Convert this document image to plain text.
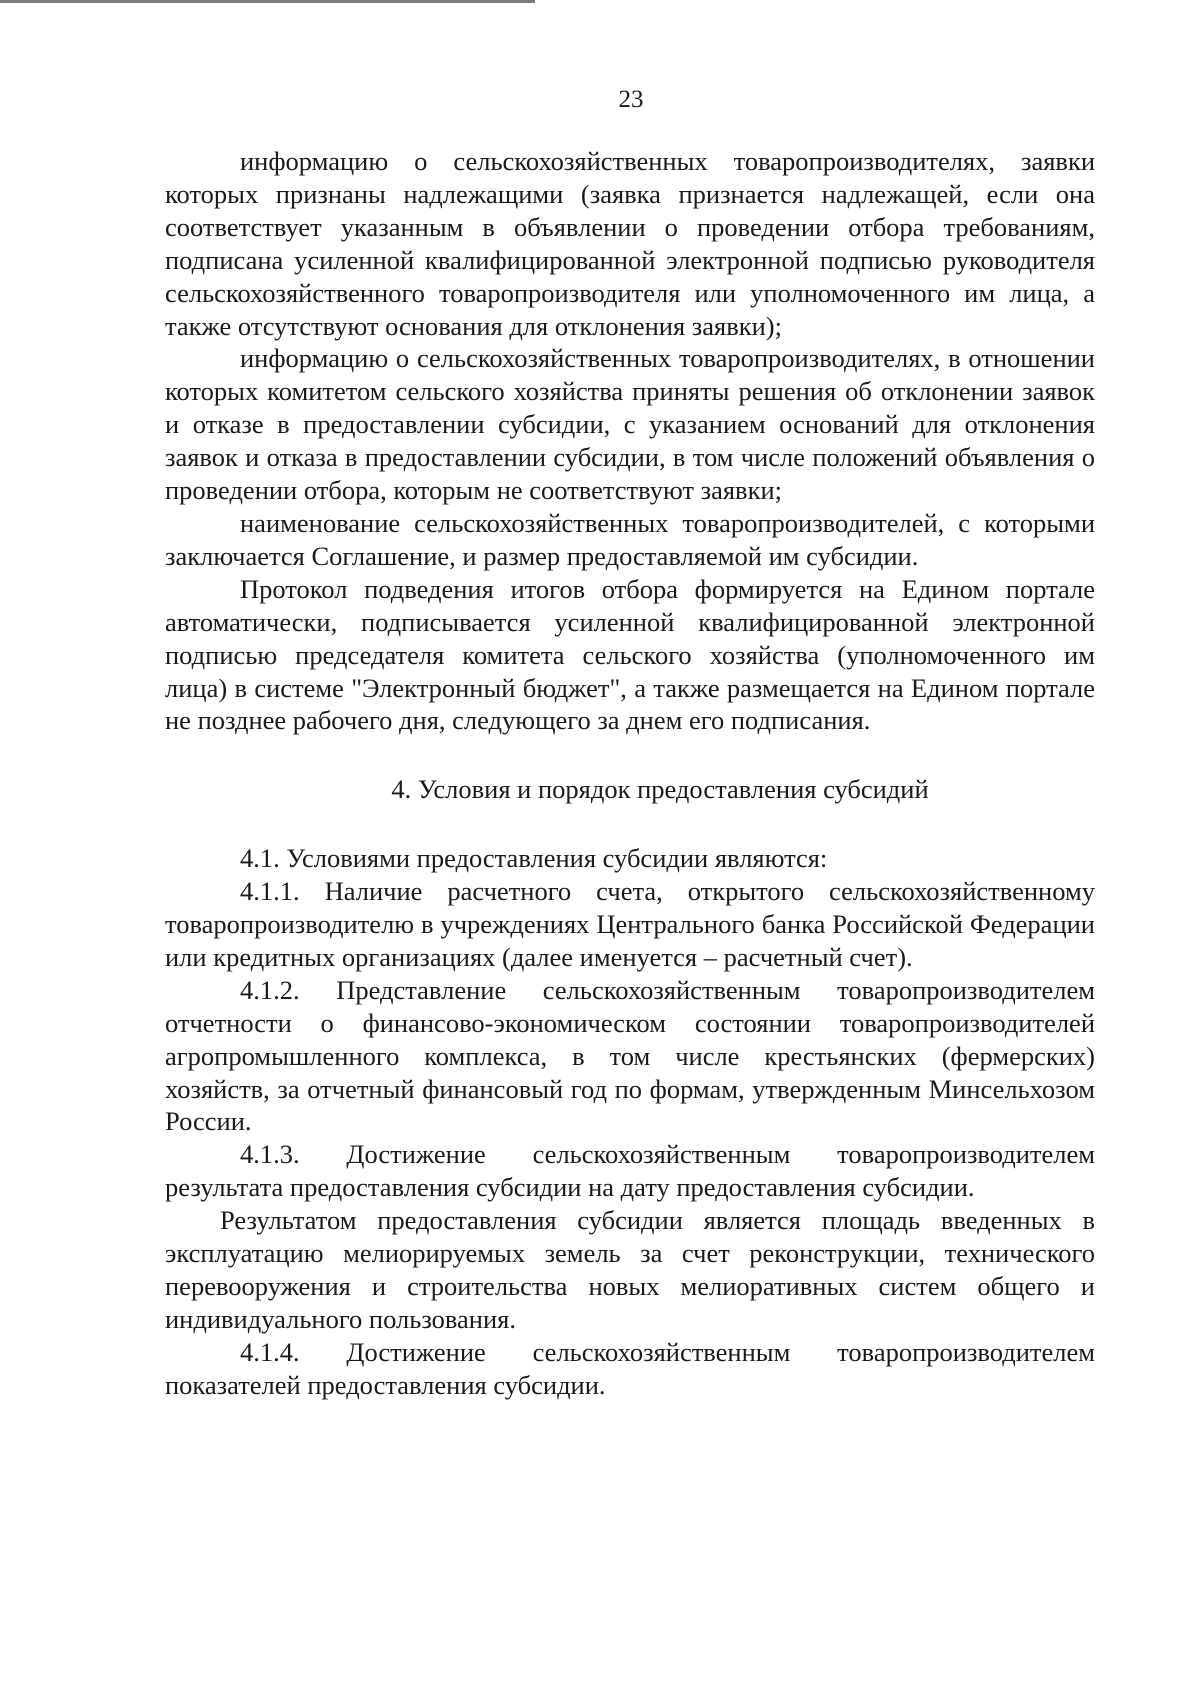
23

информацию о сельскохозяйственных товаропроизводителях, заявки которых признаны надлежащими (заявка признается надлежащей, если она соответствует указанным в объявлении о проведении отбора требованиям, подписана усиленной квалифицированной электронной подписью руководителя сельскохозяйственного товаропроизводителя или уполномоченного им лица, а также отсутствуют основания для отклонения заявки);

информацию о сельскохозяйственных товаропроизводителях, в отношении которых комитетом сельского хозяйства приняты решения об отклонении заявок и отказе в предоставлении субсидии, с указанием оснований для отклонения заявок и отказа в предоставлении субсидии, в том числе положений объявления о проведении отбора, которым не соответствуют заявки;

наименование сельскохозяйственных товаропроизводителей, с которыми заключается Соглашение, и размер предоставляемой им субсидии.

Протокол подведения итогов отбора формируется на Едином портале автоматически, подписывается усиленной квалифицированной электронной подписью председателя комитета сельского хозяйства (уполномоченного им лица) в системе "Электронный бюджет", а также размещается на Едином портале не позднее рабочего дня, следующего за днем его подписания.

4. Условия и порядок предоставления субсидий

4.1. Условиями предоставления субсидии являются:

4.1.1. Наличие расчетного счета, открытого сельскохозяйственному товаропроизводителю в учреждениях Центрального банка Российской Федерации или кредитных организациях (далее именуется – расчетный счет).

4.1.2. Представление сельскохозяйственным товаропроизводителем отчетности о финансово-экономическом состоянии товаропроизводителей агропромышленного комплекса, в том числе крестьянских (фермерских) хозяйств, за отчетный финансовый год по формам, утвержденным Минсельхозом России.

4.1.3. Достижение сельскохозяйственным товаропроизводителем результата предоставления субсидии на дату предоставления субсидии.

Результатом предоставления субсидии является площадь введенных в эксплуатацию мелиорируемых земель за счет реконструкции, технического перевооружения и строительства новых мелиоративных систем общего и индивидуального пользования.

4.1.4. Достижение сельскохозяйственным товаропроизводителем показателей предоставления субсидии.
